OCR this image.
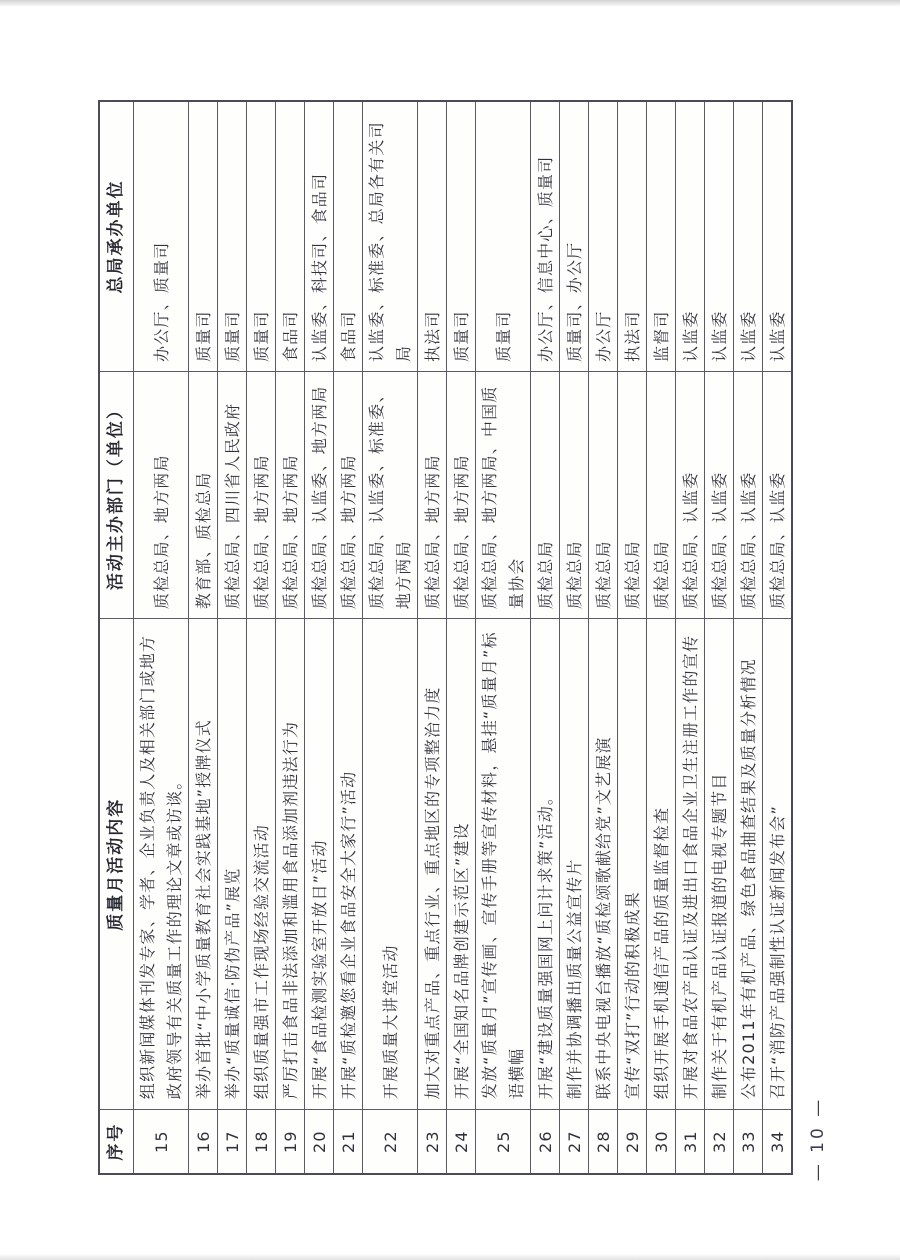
序号
质量月活动内容
活动主办部门（单位）
总局承办单位
15
组织新闻媒体刊发专家、学者、企业负责人及相关部门或地方政府领导有关质量工作的理论文章或访谈。
质检总局、地方两局
办公厅、质量司
16
举办首批“中小学质量教育社会实践基地”授牌仪式
教育部、质检总局
质量司
17
举办“质量诚信·防伪产品”展览
质检总局、四川省人民政府
质量司
18
组织质量强市工作现场经验交流活动
质检总局、地方两局
质量司
19
严厉打击食品非法添加和滥用食品添加剂违法行为
质检总局、地方两局
食品司
20
开展“食品检测实验室开放日”活动
质检总局、认监委、地方两局
认监委、科技司、食品司
21
开展“质检邀您看企业食品安全大家行”活动
质检总局、地方两局
食品司
22
开展质量大讲堂活动
质检总局、认监委、标准委、地方两局
认监委、标准委、总局各有关司局
23
加大对重点产品、重点行业、重点地区的专项整治力度
质检总局、地方两局
执法司
24
开展“全国知名品牌创建示范区”建设
质检总局、地方两局
质量司
25
发放“质量月”宣传画、宣传手册等宣传材料，悬挂“质量月”标语横幅
质检总局、地方两局、中国质量协会
质量司
26
开展“建设质量强国网上问计求策”活动。
质检总局
办公厅、信息中心、质量司
27
制作并协调播出质量公益宣传片
质检总局
质量司、办公厅
28
联系中央电视台播放“质检颂歌献给党”文艺展演
质检总局
办公厅
29
宣传“双打”行动的积极成果
质检总局
执法司
30
组织开展手机通信产品的质量监督检查
质检总局
监督司
31
开展对食品农产品认证及进出口食品企业卫生注册工作的宣传
质检总局、认监委
认监委
32
制作关于有机产品认证报道的电视专题节目
质检总局、认监委
认监委
33
公布2011年有机产品、绿色食品抽查结果及质量分析情况
质检总局、认监委
认监委
34
召开“消防产品强制性认证新闻发布会”
质检总局、认监委
认监委
— 10 —
